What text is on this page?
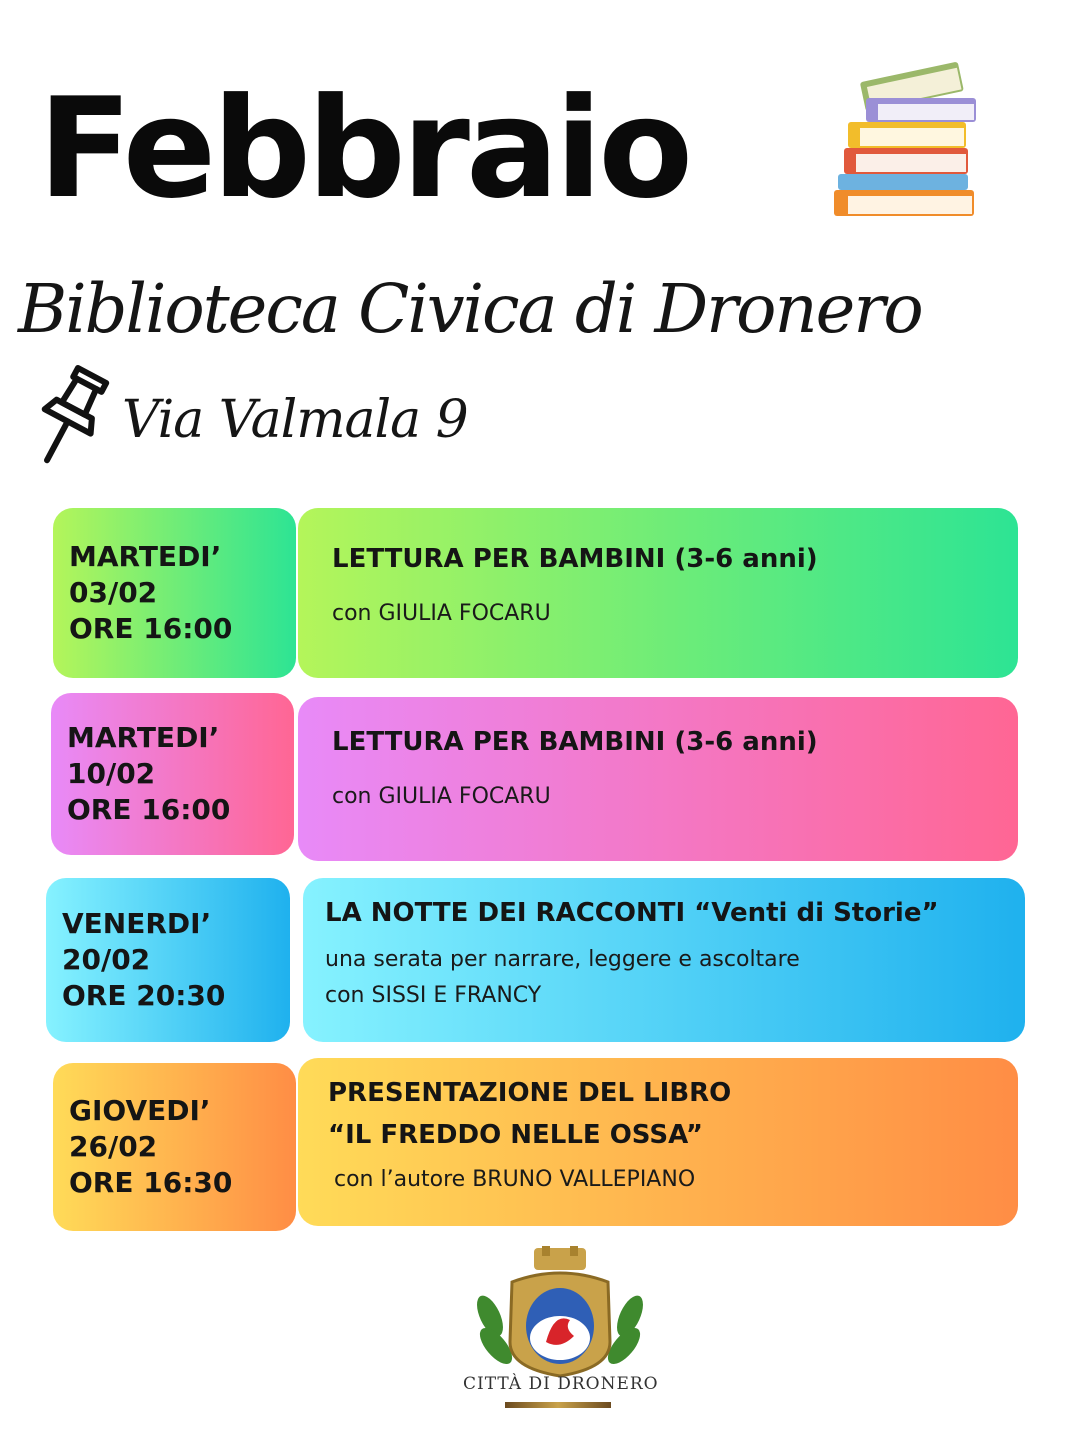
Febbraio
Biblioteca Civica di Dronero
Via Valmala 9
MARTEDI’
03/02
ORE 16:00
LETTURA PER BAMBINI (3-6 anni)
con GIULIA FOCARU
MARTEDI’
10/02
ORE 16:00
LETTURA PER BAMBINI (3-6 anni)
con GIULIA FOCARU
VENERDI’
20/02
ORE 20:30
LA NOTTE DEI RACCONTI “Venti di Storie”
una serata per narrare, leggere e ascoltare
con SISSI E FRANCY
GIOVEDI’
26/02
ORE 16:30
PRESENTAZIONE DEL LIBRO
“IL FREDDO NELLE OSSA”
con l’autore BRUNO VALLEPIANO
CITTÀ DI DRONERO
